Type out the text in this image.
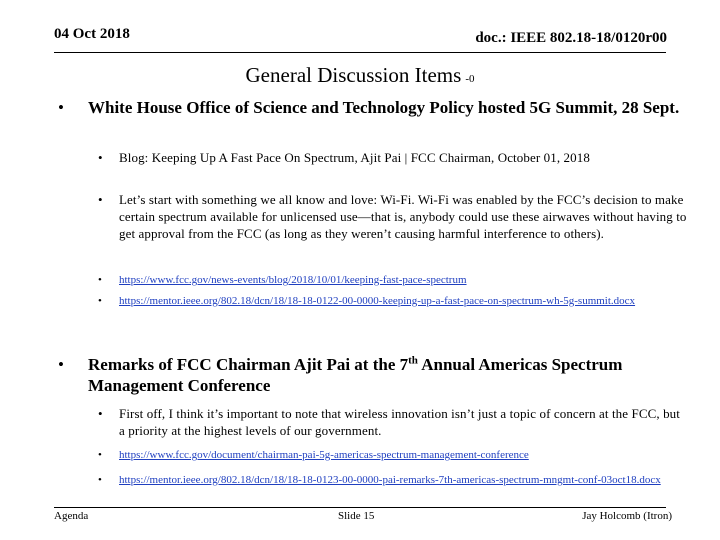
04 Oct 2018	doc.: IEEE 802.18-18/0120r00
General Discussion Items -0
• White House Office of Science and Technology Policy hosted 5G Summit, 28 Sept.
• Blog: Keeping Up A Fast Pace On Spectrum, Ajit Pai | FCC Chairman, October 01, 2018
• Let’s start with something we all know and love: Wi-Fi. Wi-Fi was enabled by the FCC’s decision to make certain spectrum available for unlicensed use—that is, anybody could use these airwaves without having to get approval from the FCC (as long as they weren’t causing harmful interference to others).
• https://www.fcc.gov/news-events/blog/2018/10/01/keeping-fast-pace-spectrum
• https://mentor.ieee.org/802.18/dcn/18/18-18-0122-00-0000-keeping-up-a-fast-pace-on-spectrum-wh-5g-summit.docx
• Remarks of FCC Chairman Ajit Pai at the 7th Annual Americas Spectrum Management Conference
• First off, I think it’s important to note that wireless innovation isn’t just a topic of concern at the FCC, but a priority at the highest levels of our government.
• https://www.fcc.gov/document/chairman-pai-5g-americas-spectrum-management-conference
• https://mentor.ieee.org/802.18/dcn/18/18-18-0123-00-0000-pai-remarks-7th-americas-spectrum-mngmt-conf-03oct18.docx
Agenda	Slide 15	Jay Holcomb (Itron)
